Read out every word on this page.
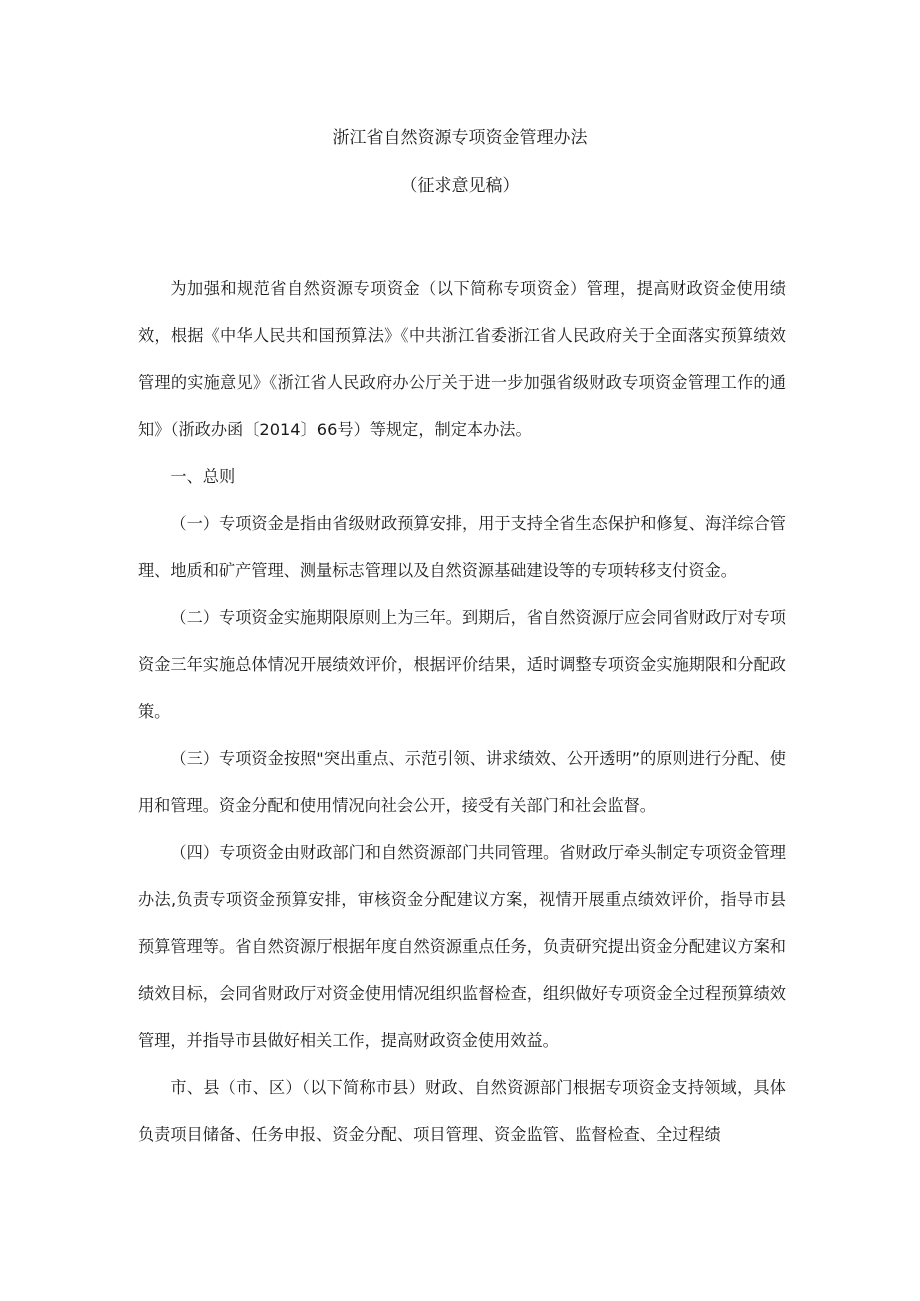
浙江省自然资源专项资金管理办法
（征求意见稿）

为加强和规范省自然资源专项资金（以下简称专项资金）管理，提高财政资金使用绩效，根据《中华人民共和国预算法》《中共浙江省委浙江省人民政府关于全面落实预算绩效管理的实施意见》《浙江省人民政府办公厅关于进一步加强省级财政专项资金管理工作的通知》（浙政办函〔2014〕66号）等规定，制定本办法。

一、总则

（一）专项资金是指由省级财政预算安排，用于支持全省生态保护和修复、海洋综合管理、地质和矿产管理、测量标志管理以及自然资源基础建设等的专项转移支付资金。

（二）专项资金实施期限原则上为三年。到期后，省自然资源厅应会同省财政厅对专项资金三年实施总体情况开展绩效评价，根据评价结果，适时调整专项资金实施期限和分配政策。

（三）专项资金按照"突出重点、示范引领、讲求绩效、公开透明”的原则进行分配、使用和管理。资金分配和使用情况向社会公开，接受有关部门和社会监督。

（四）专项资金由财政部门和自然资源部门共同管理。省财政厅牵头制定专项资金管理办法,负责专项资金预算安排，审核资金分配建议方案，视情开展重点绩效评价，指导市县预算管理等。省自然资源厅根据年度自然资源重点任务，负责研究提出资金分配建议方案和绩效目标，会同省财政厅对资金使用情况组织监督检查，组织做好专项资金全过程预算绩效管理，并指导市县做好相关工作，提高财政资金使用效益。

市、县（市、区）（以下简称市县）财政、自然资源部门根据专项资金支持领域，具体负责项目储备、任务申报、资金分配、项目管理、资金监管、监督检查、全过程绩
